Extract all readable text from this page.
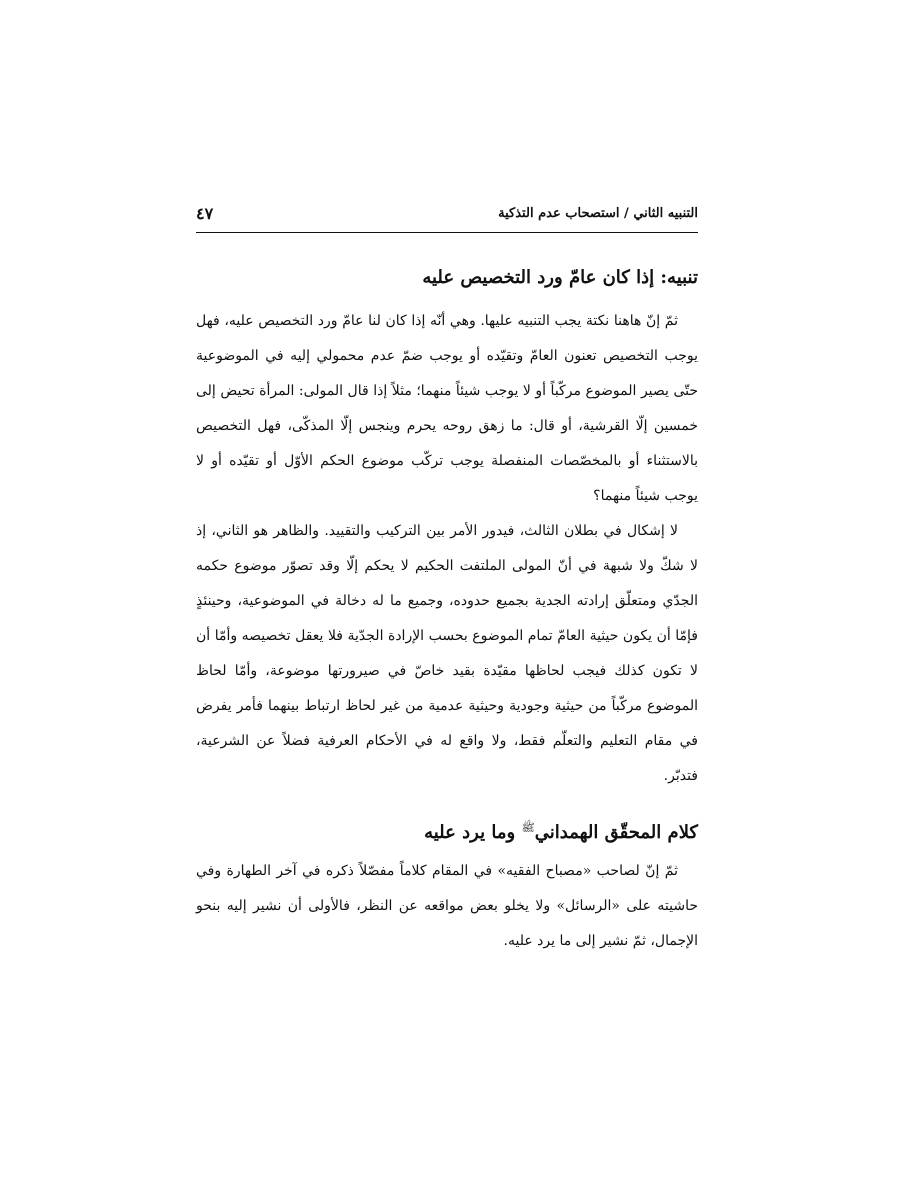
التنبيه الثاني / استصحاب عدم التذكية
٤٧
تنبيه: إذا كان عامّ ورد التخصيص عليه

ثمّ إنّ هاهنا نكتة يجب التنبيه عليها. وهي أنّه إذا كان لنا عامّ ورد التخصيص عليه، فهل يوجب التخصيص تعنون العامّ وتقيّده أو يوجب ضمّ عدم محمولي إليه في الموضوعية حتّى يصير الموضوع مركّباً أو لا يوجب شيئاً منهما؛ مثلاً إذا قال المولى: المرأة تحيض إلى خمسين إلّا القرشية، أو قال: ما زهق روحه يحرم وينجس إلّا المذكّى، فهل التخصيص بالاستثناء أو بالمخصّصات المنفصلة يوجب تركّب موضوع الحكم الأوّل أو تقيّده أو لا يوجب شيئاً منهما؟

لا إشكال في بطلان الثالث، فيدور الأمر بين التركيب والتقييد. والظاهر هو الثاني، إذ لا شكّ ولا شبهة في أنّ المولى الملتفت الحكيم لا يحكم إلّا وقد تصوّر موضوع حكمه الجدّي ومتعلّق إرادته الجدية بجميع حدوده، وجميع ما له دخالة في الموضوعية، وحينئذٍ فإمّا أن يكون حيثية العامّ تمام الموضوع بحسب الإرادة الجدّية فلا يعقل تخصيصه وأمّا أن لا تكون كذلك فيجب لحاظها مقيّدة بقيد خاصّ في صيرورتها موضوعة، وأمّا لحاظ الموضوع مركّباً من حيثية وجودية وحيثية عدمية من غير لحاظ ارتباط بينهما فأمر يفرض في مقام التعليم والتعلّم فقط، ولا واقع له في الأحكام العرفية فضلاً عن الشرعية، فتدبّر.

كلام المحقّق الهمداني$^ﷺ$ وما يرد عليه

ثمّ إنّ لصاحب «مصباح الفقيه» في المقام كلاماً مفصّلاً ذكره في آخر الطهارة وفي حاشيته على «الرسائل» ولا يخلو بعض مواقعه عن النظر، فالأولى أن نشير إليه بنحو الإجمال، ثمّ نشير إلى ما يرد عليه.
